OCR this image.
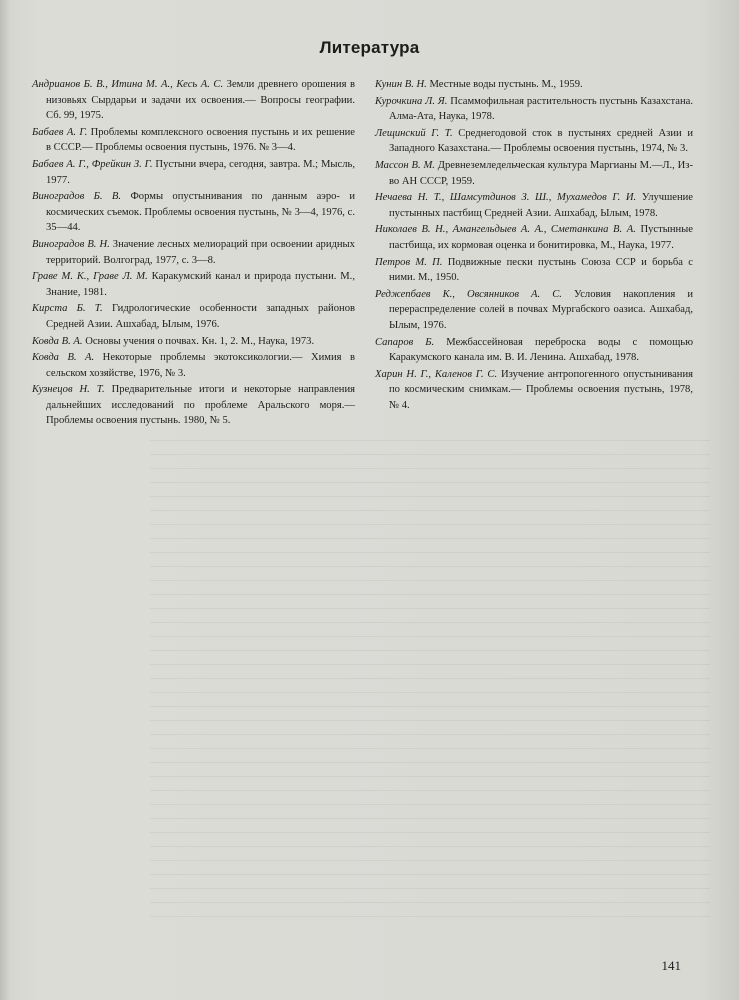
Литература

Андрианов Б. В., Итина М. А., Кесь А. С. Земли древнего орошения в низовьях Сырдарьи и задачи их освоения.— Вопросы географии. Сб. 99, 1975.

Бабаев А. Г. Проблемы комплексного освоения пустынь и их решение в СССР.— Проблемы освоения пустынь, 1976. № 3—4.

Бабаев А. Г., Фрейкин З. Г. Пустыни вчера, сегодня, завтра. М.; Мысль, 1977.

Виноградов Б. В. Формы опустынивания по данным аэро- и космических съемок. Проблемы освоения пустынь, № 3—4, 1976, с. 35—44.

Виноградов В. Н. Значение лесных мелиораций при освоении аридных территорий. Волгоград, 1977, с. 3—8.

Граве М. К., Граве Л. М. Каракумский канал и природа пустыни. М., Знание, 1981.

Кирста Б. Т. Гидрологические особенности западных районов Средней Азии. Ашхабад, Ылым, 1976.

Ковда В. А. Основы учения о почвах. Кн. 1, 2. М., Наука, 1973.

Ковда В. А. Некоторые проблемы экотоксикологии.— Химия в сельском хозяйстве, 1976, № 3.

Кузнецов Н. Т. Предварительные итоги и некоторые направления дальнейших исследований по проблеме Аральского моря.— Проблемы освоения пустынь. 1980, № 5.

Кунин В. Н. Местные воды пустынь. М., 1959.

Курочкина Л. Я. Псаммофильная растительность пустынь Казахстана. Алма-Ата, Наука, 1978.

Лещинский Г. Т. Среднегодовой сток в пустынях средней Азии и Западного Казахстана.— Проблемы освоения пустынь, 1974, № 3.

Массон В. М. Древнеземледельческая культура Маргианы М.—Л., Из-во АН СССР, 1959.

Нечаева Н. Т., Шамсутдинов З. Ш., Мухамедов Г. И. Улучшение пустынных пастбищ Средней Азии. Ашхабад, Ылым, 1978.

Николаев В. Н., Амангельдыев А. А., Сметанкина В. А. Пустынные пастбища, их кормовая оценка и бонитировка, М., Наука, 1977.

Петров М. П. Подвижные пески пустынь Союза ССР и борьба с ними. М., 1950.

Реджепбаев К., Овсянников А. С. Условия накопления и перераспределение солей в почвах Мургабского оазиса. Ашхабад, Ылым, 1976.

Сапаров Б. Межбассейновая переброска воды с помощью Каракумского канала им. В. И. Ленина. Ашхабад, 1978.

Харин Н. Г., Каленов Г. С. Изучение антропогенного опустынивания по космическим снимкам.— Проблемы освоения пустынь, 1978, № 4.

141
